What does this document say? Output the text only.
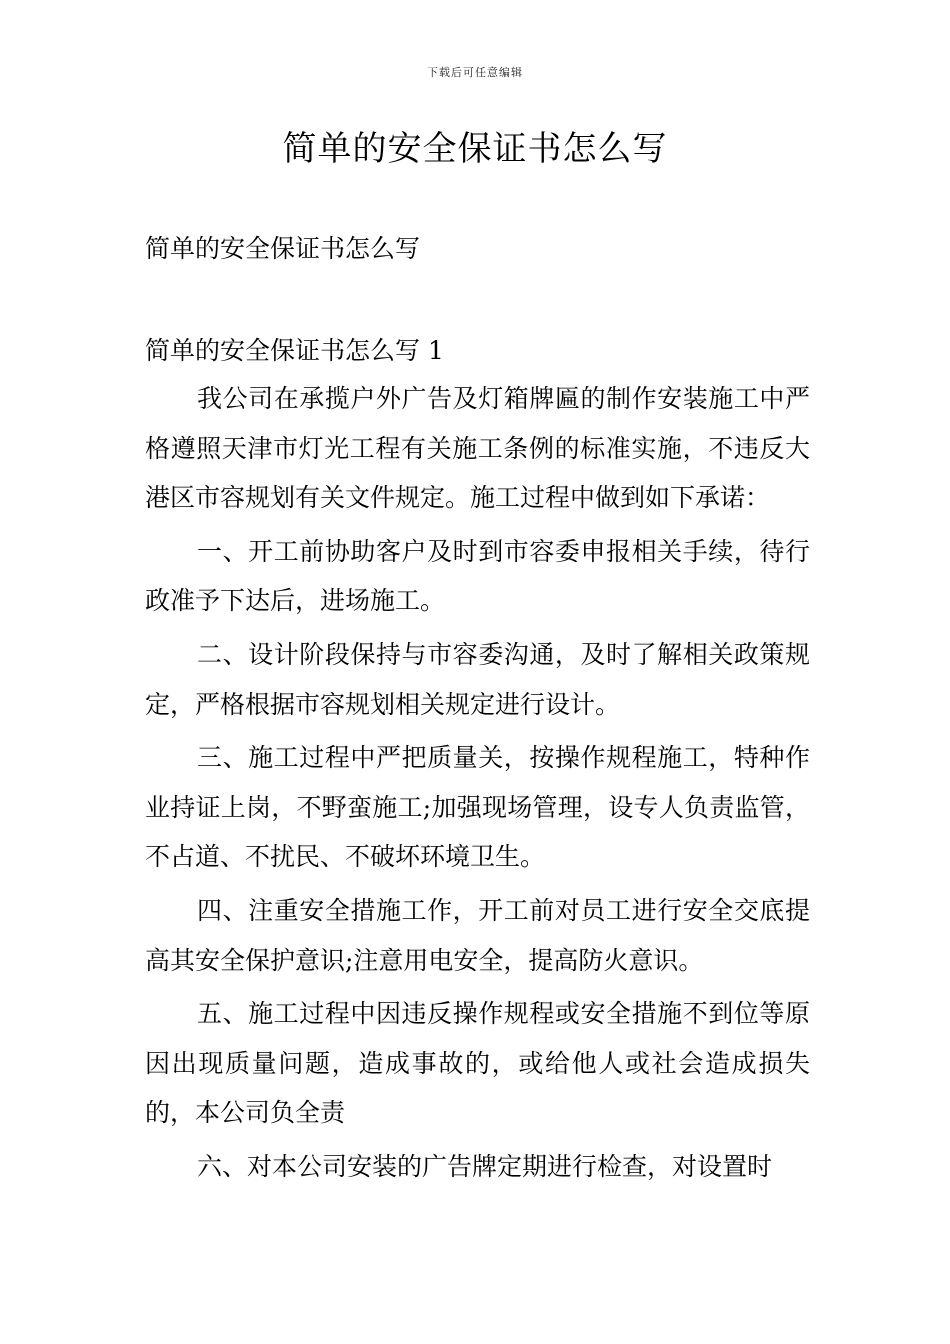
下载后可任意编辑
简单的安全保证书怎么写
简单的安全保证书怎么写
简单的安全保证书怎么写 1

我公司在承揽户外广告及灯箱牌匾的制作安装施工中严格遵照天津市灯光工程有关施工条例的标准实施，不违反大港区市容规划有关文件规定。施工过程中做到如下承诺：

一、开工前协助客户及时到市容委申报相关手续，待行政准予下达后，进场施工。

二、设计阶段保持与市容委沟通，及时了解相关政策规定，严格根据市容规划相关规定进行设计。

三、施工过程中严把质量关，按操作规程施工，特种作业持证上岗，不野蛮施工;加强现场管理，设专人负责监管，不占道、不扰民、不破坏环境卫生。

四、注重安全措施工作，开工前对员工进行安全交底提高其安全保护意识;注意用电安全，提高防火意识。

五、施工过程中因违反操作规程或安全措施不到位等原因出现质量问题，造成事故的，或给他人或社会造成损失的，本公司负全责

六、对本公司安装的广告牌定期进行检查，对设置时
